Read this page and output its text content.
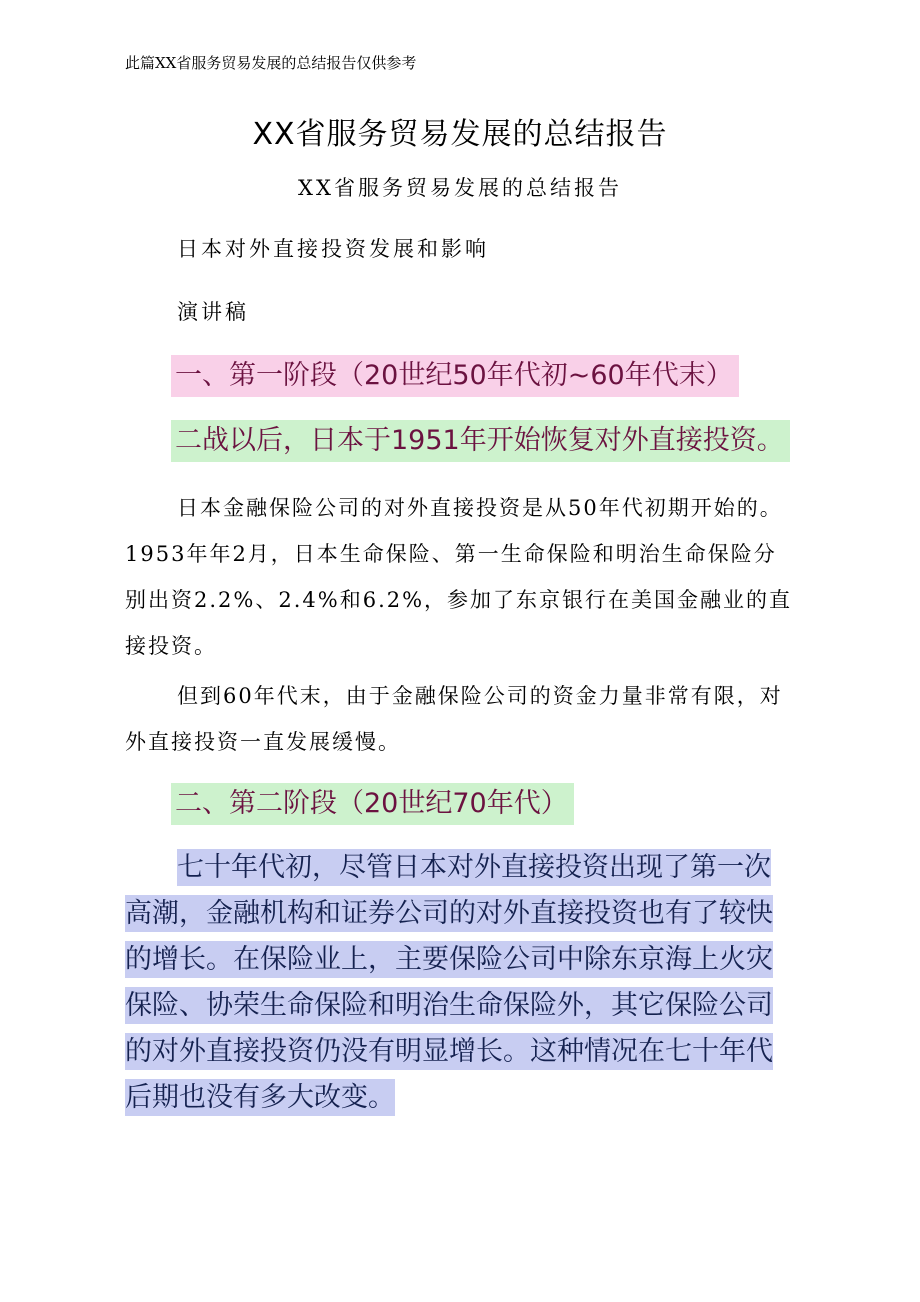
此篇XX省服务贸易发展的总结报告仅供参考
XX省服务贸易发展的总结报告
XX省服务贸易发展的总结报告
日本对外直接投资发展和影响
演讲稿
一、第一阶段（20世纪50年代初~60年代末）
二战以后，日本于1951年开始恢复对外直接投资。

日本金融保险公司的对外直接投资是从50年代初期开始的。1953年年2月，日本生命保险、第一生命保险和明治生命保险分别出资2.2%、2.4%和6.2%，参加了东京银行在美国金融业的直接投资。

但到60年代末，由于金融保险公司的资金力量非常有限，对外直接投资一直发展缓慢。

二、第二阶段（20世纪70年代）

七十年代初，尽管日本对外直接投资出现了第一次高潮，金融机构和证券公司的对外直接投资也有了较快的增长。在保险业上，主要保险公司中除东京海上火灾保险、协荣生命保险和明治生命保险外，其它保险公司的对外直接投资仍没有明显增长。这种情况在七十年代后期也没有多大改变。
